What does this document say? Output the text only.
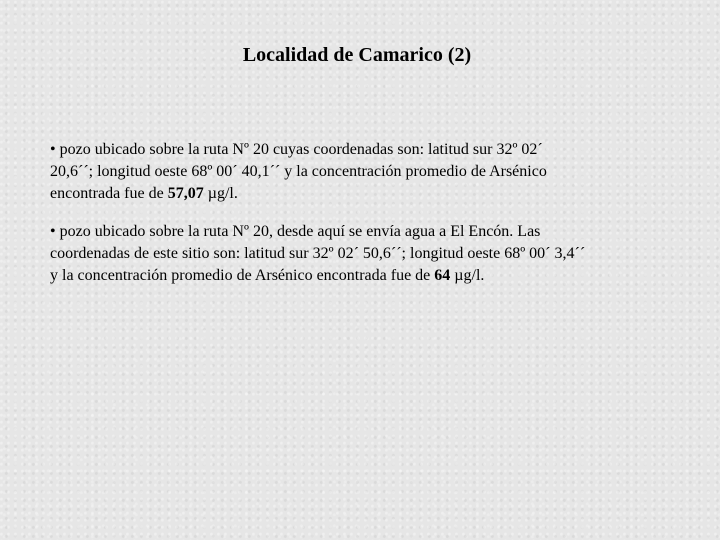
Localidad de Camarico (2)

• pozo ubicado sobre la ruta Nº 20 cuyas coordenadas son: latitud sur 32º 02´
20,6´´; longitud oeste 68º 00´ 40,1´´ y la concentración promedio de Arsénico
encontrada fue de 57,07 µg/l.

• pozo ubicado sobre la ruta Nº 20, desde aquí se envía agua a El Encón. Las
coordenadas de este sitio son: latitud sur 32º 02´ 50,6´´; longitud oeste 68º 00´ 3,4´´
y la concentración promedio de Arsénico encontrada fue de 64 µg/l.
